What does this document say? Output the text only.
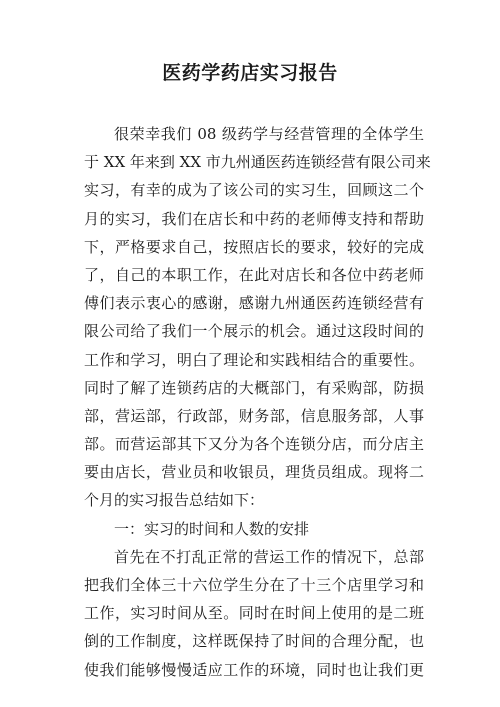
医药学药店实习报告
很荣幸我们 08 级药学与经营管理的全体学生
于 XX 年来到 XX 市九州通医药连锁经营有限公司来
实习，有幸的成为了该公司的实习生，回顾这二个
月的实习，我们在店长和中药的老师傅支持和帮助
下，严格要求自己，按照店长的要求，较好的完成
了，自己的本职工作，在此对店长和各位中药老师
傅们表示衷心的感谢，感谢九州通医药连锁经营有
限公司给了我们一个展示的机会。通过这段时间的
工作和学习，明白了理论和实践相结合的重要性。
同时了解了连锁药店的大概部门，有采购部，防损
部，营运部，行政部，财务部，信息服务部，人事
部。而营运部其下又分为各个连锁分店，而分店主
要由店长，营业员和收银员，理货员组成。现将二
个月的实习报告总结如下：
一：实习的时间和人数的安排
首先在不打乱正常的营运工作的情况下，总部
把我们全体三十六位学生分在了十三个店里学习和
工作，实习时间从至。同时在时间上使用的是二班
倒的工作制度，这样既保持了时间的合理分配，也
使我们能够慢慢适应工作的环境，同时也让我们更
